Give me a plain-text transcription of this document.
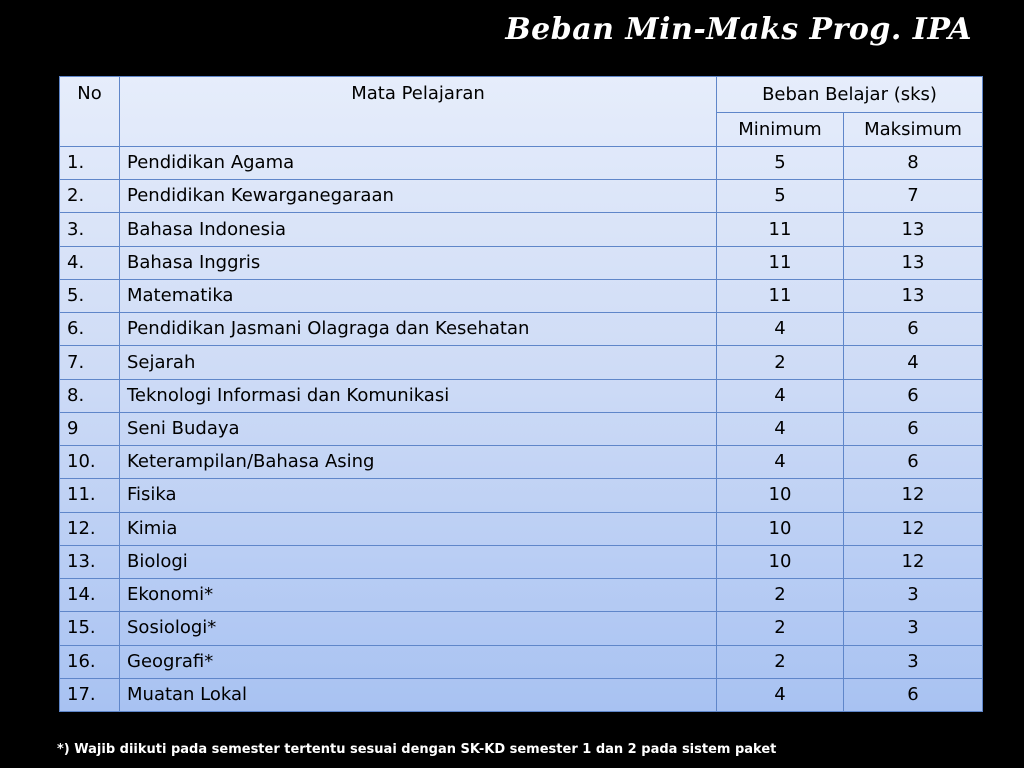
Beban Min-Maks Prog. IPA
No	Mata Pelajaran	Beban Belajar (sks)	
		Minimum	Maksimum
1.	Pendidikan Agama	5	8
2.	Pendidikan Kewarganegaraan	5	7
3.	Bahasa Indonesia	11	13
4.	Bahasa Inggris	11	13
5.	Matematika	11	13
6.	Pendidikan Jasmani Olagraga dan Kesehatan	4	6
7.	Sejarah	2	4
8.	Teknologi Informasi dan Komunikasi	4	6
9	Seni Budaya	4	6
10.	Keterampilan/Bahasa Asing	4	6
11.	Fisika	10	12
12.	Kimia	10	12
13.	Biologi	10	12
14.	Ekonomi*	2	3
15.	Sosiologi*	2	3
16.	Geografi*	2	3
17.	Muatan Lokal	4	6
*) Wajib diikuti pada semester tertentu sesuai dengan SK-KD semester 1 dan 2 pada sistem paket
